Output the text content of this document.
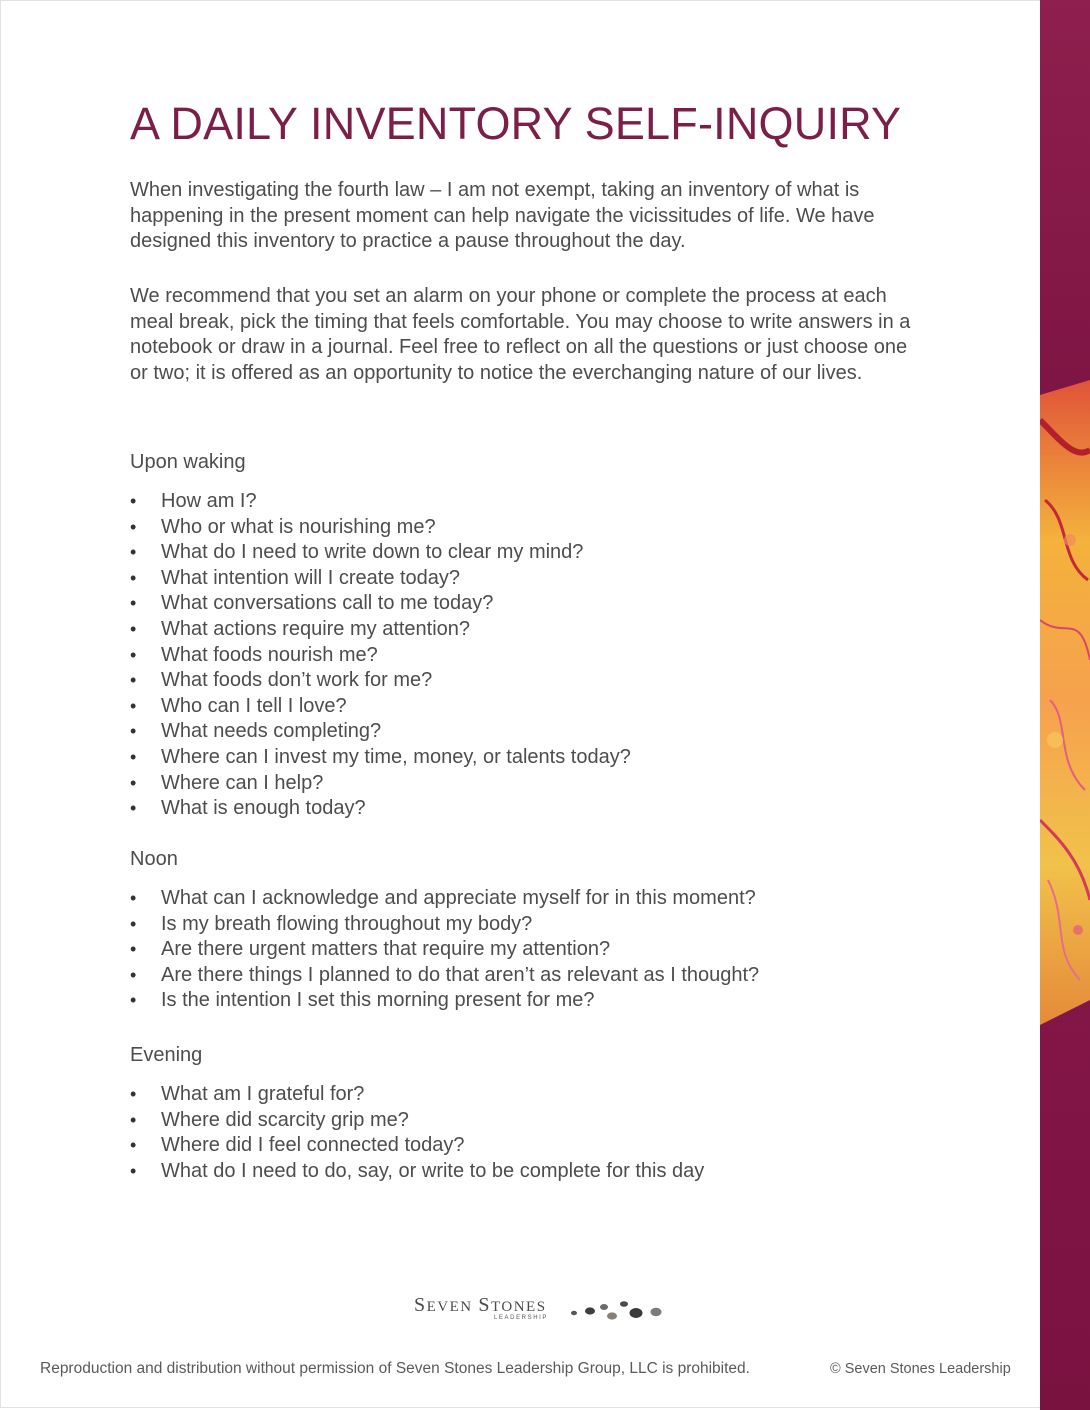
A DAILY INVENTORY SELF-INQUIRY

When investigating the fourth law – I am not exempt, taking an inventory of what is happening in the present moment can help navigate the vicissitudes of life. We have designed this inventory to practice a pause throughout the day.

We recommend that you set an alarm on your phone or complete the process at each meal break, pick the timing that feels comfortable. You may choose to write answers in a notebook or draw in a journal. Feel free to reflect on all the questions or just choose one or two; it is offered as an opportunity to notice the everchanging nature of our lives.

Upon waking

• How am I?
• Who or what is nourishing me?
• What do I need to write down to clear my mind?
• What intention will I create today?
• What conversations call to me today?
• What actions require my attention?
• What foods nourish me?
• What foods don’t work for me?
• Who can I tell I love?
• What needs completing?
• Where can I invest my time, money, or talents today?
• Where can I help?
• What is enough today?

Noon

• What can I acknowledge and appreciate myself for in this moment?
• Is my breath flowing throughout my body?
• Are there urgent matters that require my attention?
• Are there things I planned to do that aren’t as relevant as I thought?
• Is the intention I set this morning present for me?

Evening

• What am I grateful for?
• Where did scarcity grip me?
• Where did I feel connected today?
• What do I need to do, say, or write to be complete for this day
SEVEN STONES
LEADERSHIP

Reproduction and distribution without permission of Seven Stones Leadership Group, LLC is prohibited.	© Seven Stones Leadership
